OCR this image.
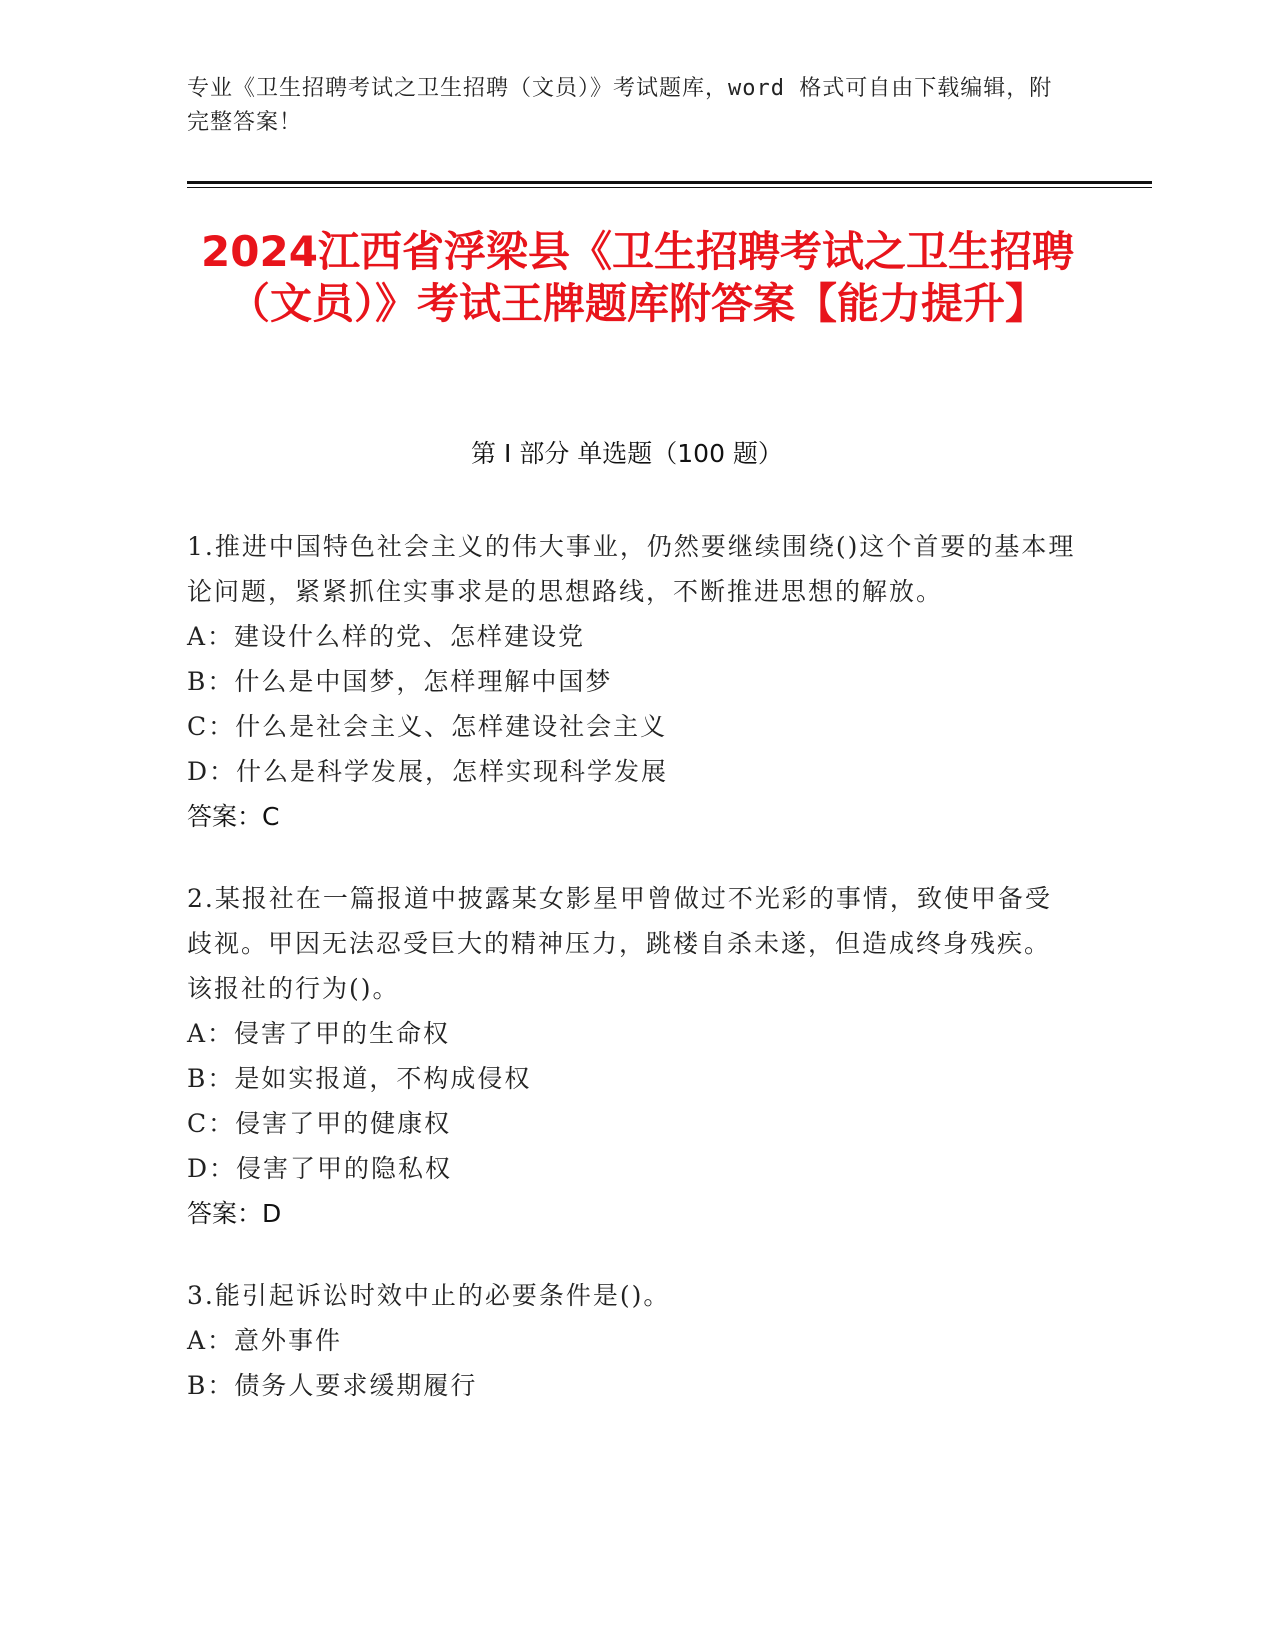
专业《卫生招聘考试之卫生招聘（文员）》考试题库，word 格式可自由下载编辑，附完整答案！
2024江西省浮梁县《卫生招聘考试之卫生招聘（文员）》考试王牌题库附答案【能力提升】
第 I 部分 单选题（100 题）
1.推进中国特色社会主义的伟大事业，仍然要继续围绕()这个首要的基本理论问题，紧紧抓住实事求是的思想路线，不断推进思想的解放。
A：建设什么样的党、怎样建设党
B：什么是中国梦，怎样理解中国梦
C：什么是社会主义、怎样建设社会主义
D：什么是科学发展，怎样实现科学发展
答案：C
2.某报社在一篇报道中披露某女影星甲曾做过不光彩的事情，致使甲备受歧视。甲因无法忍受巨大的精神压力，跳楼自杀未遂，但造成终身残疾。该报社的行为()。
A：侵害了甲的生命权
B：是如实报道，不构成侵权
C：侵害了甲的健康权
D：侵害了甲的隐私权
答案：D
3.能引起诉讼时效中止的必要条件是()。
A：意外事件
B：债务人要求缓期履行
